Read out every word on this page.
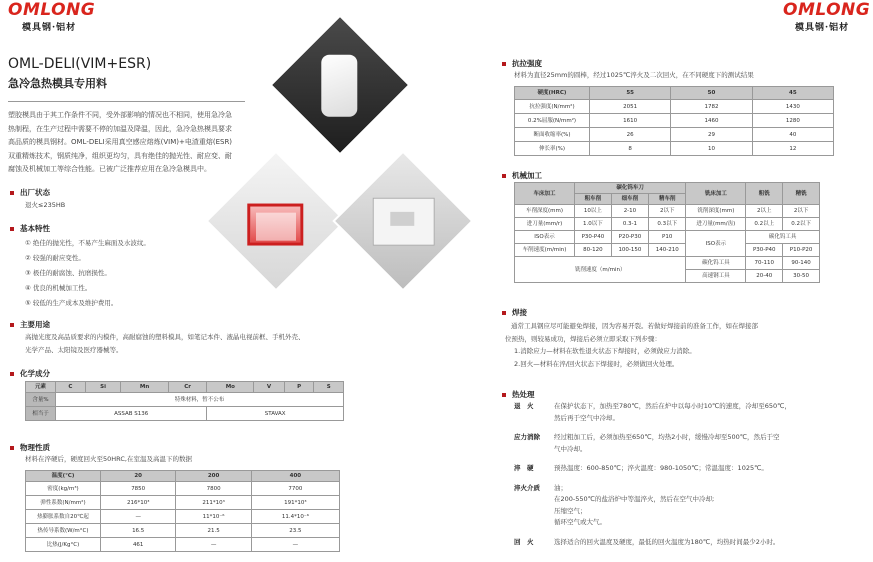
OMLONG
模具钢·铝材
OMLONG
模具钢·铝材
OML-DELI(VIM+ESR)
急冷急热模具专用料
塑胶模具由于其工作条件不同，受外部影响的情况也不相同，使用急冷急
热制程，在生产过程中需要不停的加温及降温，因此，急冷急热模具要求
高品质的模具钢材。OML-DELI采用真空感应熔炼(VIM)+电渣重熔(ESR)
双重精炼技术，钢质纯净，组织更均匀，具有绝佳的抛光性、耐应变、耐
腐蚀及机械加工等综合性能。已被广泛推荐应用在急冷急模具中。
出厂状态
退火≤235HB
基本特性
① 绝佳的抛光性，不易产生麻面及水波纹。
② 较强的耐应变性。
③ 极佳的耐腐蚀、抗磨损性。
④ 优良的机械加工性。
⑤ 较低的生产成本及维护费用。
主要用途
高抛光度及高品质要求的内模件，高耐腐蚀的塑料模具，如笔记本件、液晶电视前框、手机外壳、
光学产品、太阳镜及医疗器械等。
化学成分
元素	C	Si	Mn	Cr	Mo	V	P	S
含量%	特殊材料，暂不公布							
相当于	ASSAB S136				STAVAX			
物理性质
材料在淬硬后，硬度回火至50HRC,在室温及高温下的数据
温度(℃)	20	200	400
密度(kg/m³)	7850	7800	7700
弹性系数(N/mm²)	216*10³	211*10³	191*10³
热膨胀系数自20℃起	—	11*10⁻⁶	11.4*10⁻⁶
热传导系数(W/m°C)	16.5	21.5	23.5
比热(J/Kg°C)	461	—	—
抗拉强度
材料为直径25mm的圆棒，经过1025℃淬火及二次回火，在不同硬度下的测试结果
硬度(HRC)	55	50	45
抗拉强度(N/mm²)	2051	1782	1430
0.2%屈服(N/mm²)	1610	1460	1280
断面收缩率(%)	26	29	40
伸长率(%)	8	10	12
机械加工
车床加工	碳化钨车刀			铣床加工	粗铣	精铣
	粗车削	细车削	精车削			
车削深度(mm)	10以上	2-10	2以下	铣削深度(mm)	2以上	2以下
进刀量(mm/r)	1.0以下	0.3-1	0.3以下	进刀量(mm/齿)	0.2以上	0.2以下
ISO表示	P30-P40	P20-P30	P10	ISO表示	碳化钨工具	
车削速度(m/min)	80-120	100-150	140-210		P30-P40	P10-P20
铣削速度（m/min）				碳化钨工具	70-110	90-140
				高速钢工具	20-40	30-50
焊接
通常工具钢应尽可能避免焊接，因为容易开裂。若做好焊接前的准备工作，如在焊接部
位预热，则较易成功，焊接后必须立即采取下列步骤：
1.消除应力—材料在软性退火状态下焊接时，必须做应力消除。
2.回火—材料在淬/回火状态下焊接时，必须做回火处理。
热处理
退　火	在保护状态下，加热至780℃，然后在炉中以每小时10℃的速度，冷却至650℃，
然后再于空气中冷却。
应力消除	经过粗加工后，必须加热至650℃，均热2小时，缓慢冷却至500℃，然后于空
气中冷却。
淬　硬	预热温度：600-850℃；淬火温度：980-1050℃；常温温度：1025℃。
淬火介质	油；
在200-550℃的盐浴炉中等温淬火，然后在空气中冷却;
压缩空气；
循环空气或大气。
回　火	选择适合的回火温度及硬度，最低的回火温度为180℃，均热时间最少2小时。
